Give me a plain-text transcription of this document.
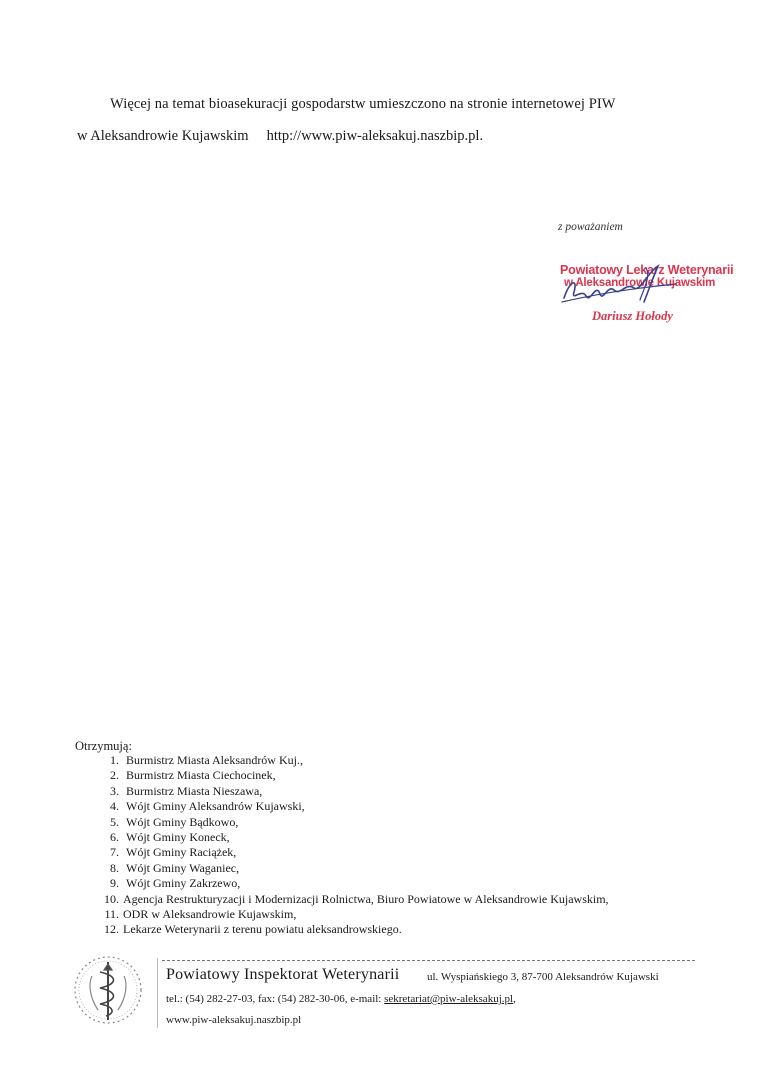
Więcej na temat bioasekuracji gospodarstw umieszczono na stronie internetowej PIW
w Aleksandrowie Kujawskim http://www.piw-aleksakuj.naszbip.pl.
z poważaniem
Powiatowy Lekarz Weterynarii
w Aleksandrowie Kujawskim
Dariusz Hołody
Otrzymują:
1.
Burmistrz Miasta Aleksandrów Kuj.,
2.
Burmistrz Miasta Ciechocinek,
3.
Burmistrz Miasta Nieszawa,
4.
Wójt Gminy Aleksandrów Kujawski,
5.
Wójt Gminy Bądkowo,
6.
Wójt Gminy Koneck,
7.
Wójt Gminy Raciążek,
8.
Wójt Gminy Waganiec,
9.
Wójt Gminy Zakrzewo,
10.
Agencja Restrukturyzacji i Modernizacji Rolnictwa, Biuro Powiatowe w Aleksandrowie Kujawskim,
11.
ODR w Aleksandrowie Kujawskim,
12.
Lekarze Weterynarii z terenu powiatu aleksandrowskiego.
Powiatowy Inspektorat Weterynarii	ul. Wyspiańskiego 3, 87-700 Aleksandrów Kujawski
tel.: (54) 282-27-03, fax: (54) 282-30-06, e-mail: sekretariat@piw-aleksakuj.pl,
www.piw-aleksakuj.naszbip.pl
